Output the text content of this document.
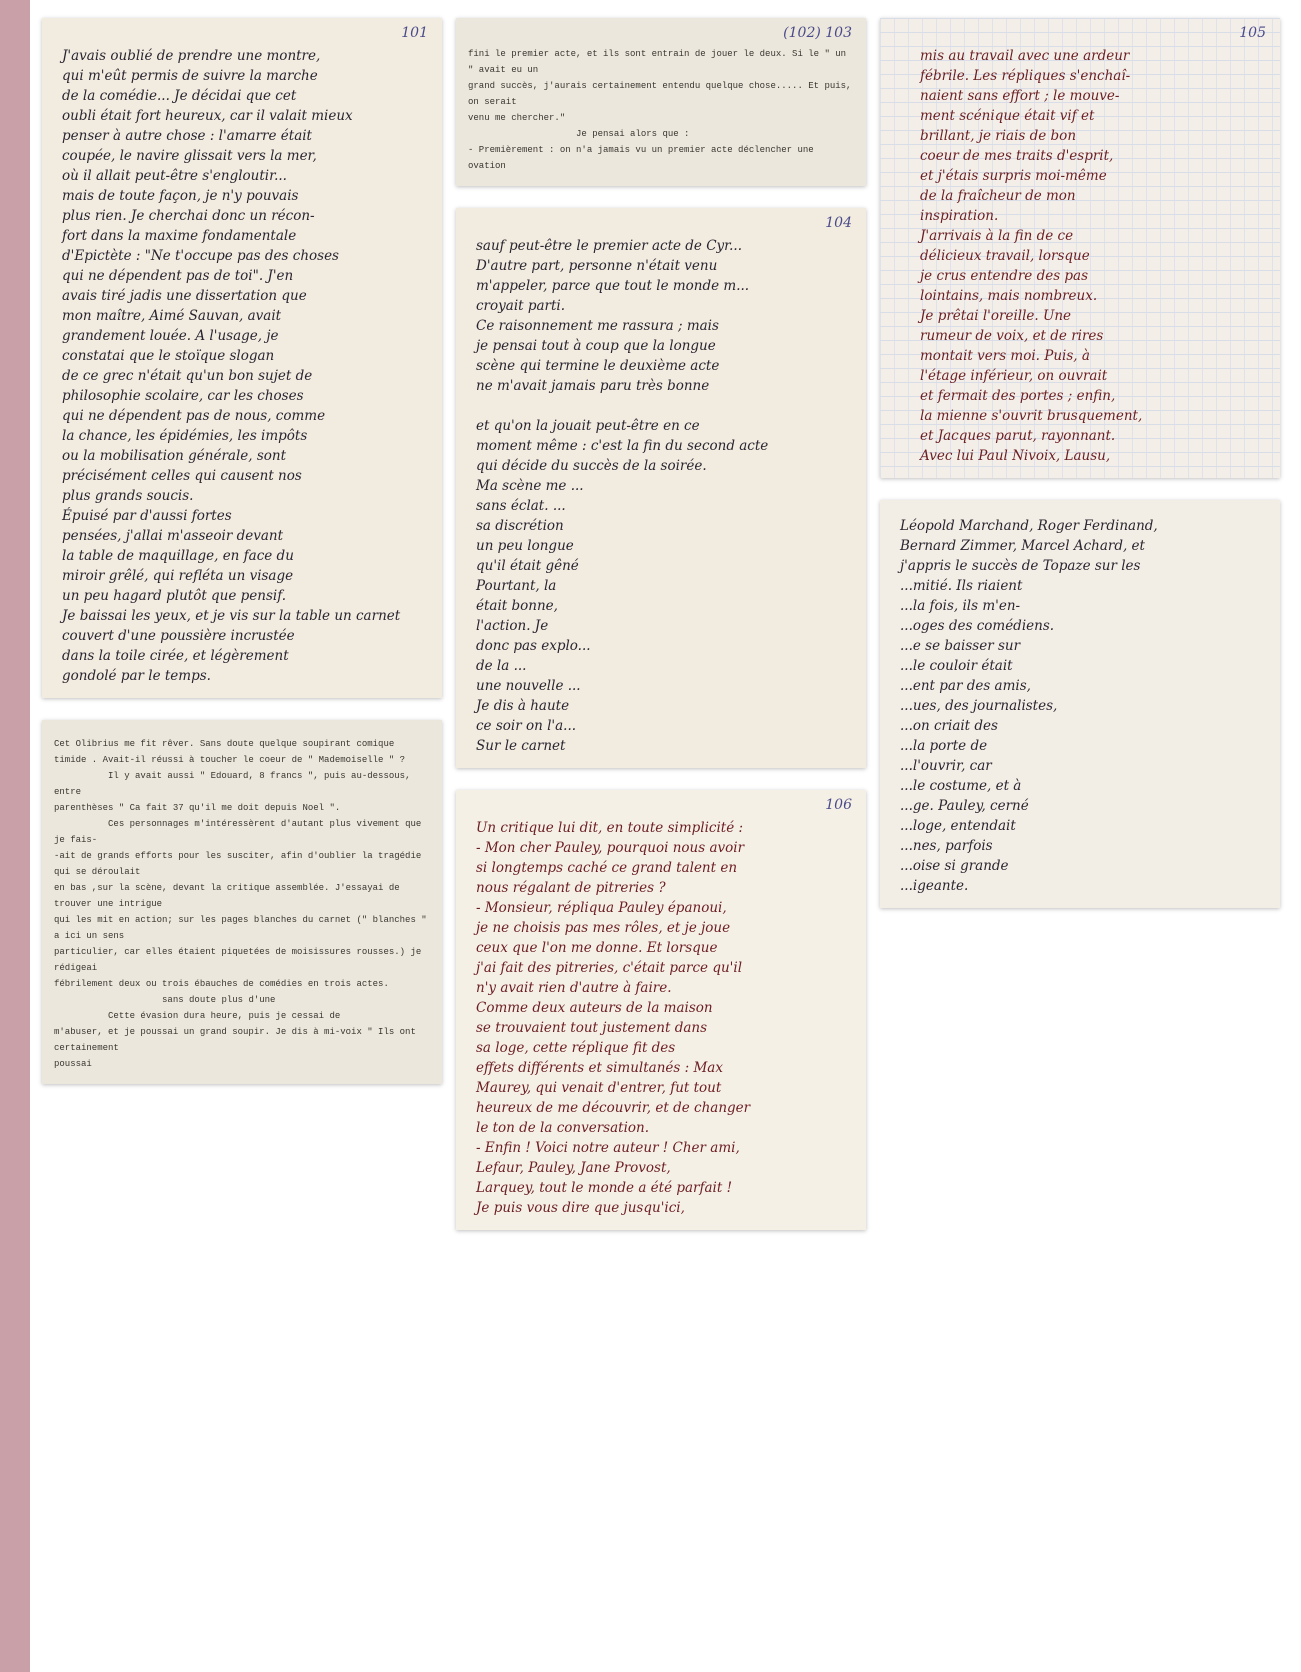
101
J'avais oublié de prendre une montre,
qui m'eût permis de suivre la marche
de la comédie... Je décidai que cet
oubli était fort heureux, car il valait mieux
penser à autre chose : l'amarre était
coupée, le navire glissait vers la mer,
où il allait peut-être s'engloutir...
mais de toute façon, je n'y pouvais
plus rien. Je cherchai donc un récon-
fort dans la maxime fondamentale
d'Epictète : "Ne t'occupe pas des choses
qui ne dépendent pas de toi". J'en
avais tiré jadis une dissertation que
mon maître, Aimé Sauvan, avait
grandement louée. A l'usage, je
constatai que le stoïque slogan
de ce grec n'était qu'un bon sujet de
philosophie scolaire, car les choses
qui ne dépendent pas de nous, comme
la chance, les épidémies, les impôts
ou la mobilisation générale, sont
précisément celles qui causent nos
plus grands soucis.
Épuisé par d'aussi fortes
pensées, j'allai m'asseoir devant
la table de maquillage, en face du
miroir grêlé, qui refléta un visage
un peu hagard plutôt que pensif.
Je baissai les yeux, et je vis sur la table un carnet
couvert d'une poussière incrustée
dans la toile cirée, et légèrement
gondolé par le temps.
Cet Olibrius me fit rêver. Sans doute quelque soupirant comique
timide . Avait-il réussi à toucher le coeur de " Mademoiselle " ?
Il y avait aussi " Edouard, 8 francs ", puis au-dessous, entre
parenthèses " Ca fait 37 qu'il me doit depuis Noel ".
Ces personnages m'intéressèrent d'autant plus vivement que je fais-
-ait de grands efforts pour les susciter, afin d'oublier la tragédie qui se déroulait
en bas ,sur la scène, devant la critique assemblée. J'essayai de trouver une intrigue
qui les mit en action; sur les pages blanches du carnet (" blanches " a ici un sens
particulier, car elles étaient piquetées de moisissures rousses.) je rédigeai
fébrilement deux ou trois ébauches de comédies en trois actes.
sans doute plus d'une
Cette évasion dura heure, puis je cessai de
m'abuser, et je poussai un grand soupir. Je dis à mi-voix " Ils ont certainement
poussai
(102) 103
fini le premier acte, et ils sont entrain de jouer le deux. Si le " un " avait eu un
grand succès, j'aurais certainement entendu quelque chose..... Et puis, on serait
venu me chercher."
Je pensai alors que :
- Premièrement : on n'a jamais vu un premier acte déclencher une ovation
104
sauf peut-être le premier acte de Cyr...
D'autre part, personne n'était venu
m'appeler, parce que tout le monde m...
croyait parti.
Ce raisonnement me rassura ; mais
je pensai tout à coup que la longue
scène qui termine le deuxième acte
ne m'avait jamais paru très bonne

et qu'on la jouait peut-être en ce
moment même : c'est la fin du second acte
qui décide du succès de la soirée.
Ma scène me ...
sans éclat. ...
sa discrétion
un peu longue
qu'il était gêné
Pourtant, la
était bonne,
l'action. Je
donc pas explo...
de la ...
une nouvelle ...
Je dis à haute
ce soir on l'a...
Sur le carnet
106
Un critique lui dit, en toute simplicité :
- Mon cher Pauley, pourquoi nous avoir
si longtemps caché ce grand talent en
nous régalant de pitreries ?
- Monsieur, répliqua Pauley épanoui,
je ne choisis pas mes rôles, et je joue
ceux que l'on me donne. Et lorsque
j'ai fait des pitreries, c'était parce qu'il
n'y avait rien d'autre à faire.
Comme deux auteurs de la maison
se trouvaient tout justement dans
sa loge, cette réplique fit des
effets différents et simultanés : Max
Maurey, qui venait d'entrer, fut tout
heureux de me découvrir, et de changer
le ton de la conversation.
- Enfin ! Voici notre auteur ! Cher ami,
Lefaur, Pauley, Jane Provost,
Larquey, tout le monde a été parfait !
Je puis vous dire que jusqu'ici,
105
mis au travail avec une ardeur
fébrile. Les répliques s'enchaî-
naient sans effort ; le mouve-
ment scénique était vif et
brillant, je riais de bon
coeur de mes traits d'esprit,
et j'étais surpris moi-même
de la fraîcheur de mon
inspiration.
J'arrivais à la fin de ce
délicieux travail, lorsque
je crus entendre des pas
lointains, mais nombreux.
Je prêtai l'oreille. Une
rumeur de voix, et de rires
montait vers moi. Puis, à
l'étage inférieur, on ouvrait
et fermait des portes ; enfin,
la mienne s'ouvrit brusquement,
et Jacques parut, rayonnant.
Avec lui Paul Nivoix, Lausu,
Léopold Marchand, Roger Ferdinand,
Bernard Zimmer, Marcel Achard, et
j'appris le succès de Topaze sur les
...mitié. Ils riaient
...la fois, ils m'en-
...oges des comédiens.
...e se baisser sur
...le couloir était
...ent par des amis,
...ues, des journalistes,
...on criait des
...la porte de
...l'ouvrir, car
...le costume, et à
...ge. Pauley, cerné
...loge, entendait
...nes, parfois
...oise si grande
...igeante.
